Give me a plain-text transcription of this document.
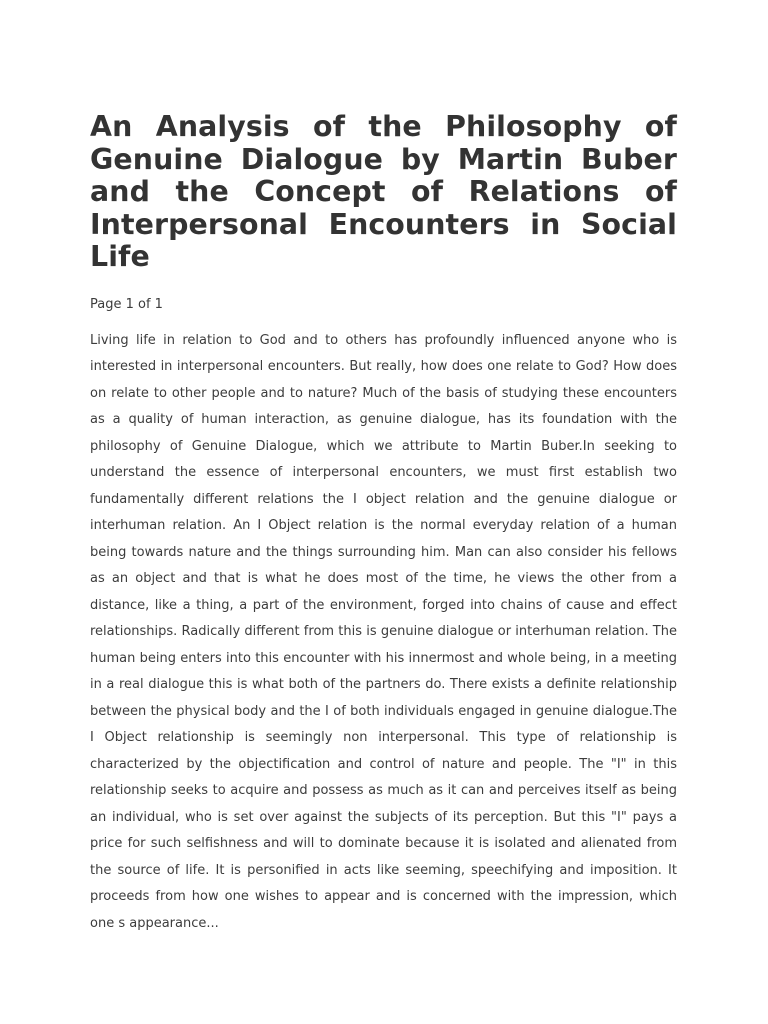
An Analysis of the Philosophy of Genuine Dialogue by Martin Buber and the Concept of Relations of Interpersonal Encounters in Social Life
Page 1 of 1

Living life in relation to God and to others has profoundly influenced anyone who is interested in interpersonal encounters. But really, how does one relate to God? How does on relate to other people and to nature? Much of the basis of studying these encounters as a quality of human interaction, as genuine dialogue, has its foundation with the philosophy of Genuine Dialogue, which we attribute to Martin Buber.In seeking to understand the essence of interpersonal encounters, we must first establish two fundamentally different relations the I object relation and the genuine dialogue or interhuman relation. An I Object relation is the normal everyday relation of a human being towards nature and the things surrounding him. Man can also consider his fellows as an object and that is what he does most of the time, he views the other from a distance, like a thing, a part of the environment, forged into chains of cause and effect relationships. Radically different from this is genuine dialogue or interhuman relation. The human being enters into this encounter with his innermost and whole being, in a meeting in a real dialogue this is what both of the partners do. There exists a definite relationship between the physical body and the I of both individuals engaged in genuine dialogue.The I Object relationship is seemingly non interpersonal. This type of relationship is characterized by the objectification and control of nature and people. The "I" in this relationship seeks to acquire and possess as much as it can and perceives itself as being an individual, who is set over against the subjects of its perception. But this "I" pays a price for such selfishness and will to dominate because it is isolated and alienated from the source of life. It is personified in acts like seeming, speechifying and imposition. It proceeds from how one wishes to appear and is concerned with the impression, which one s appearance...
